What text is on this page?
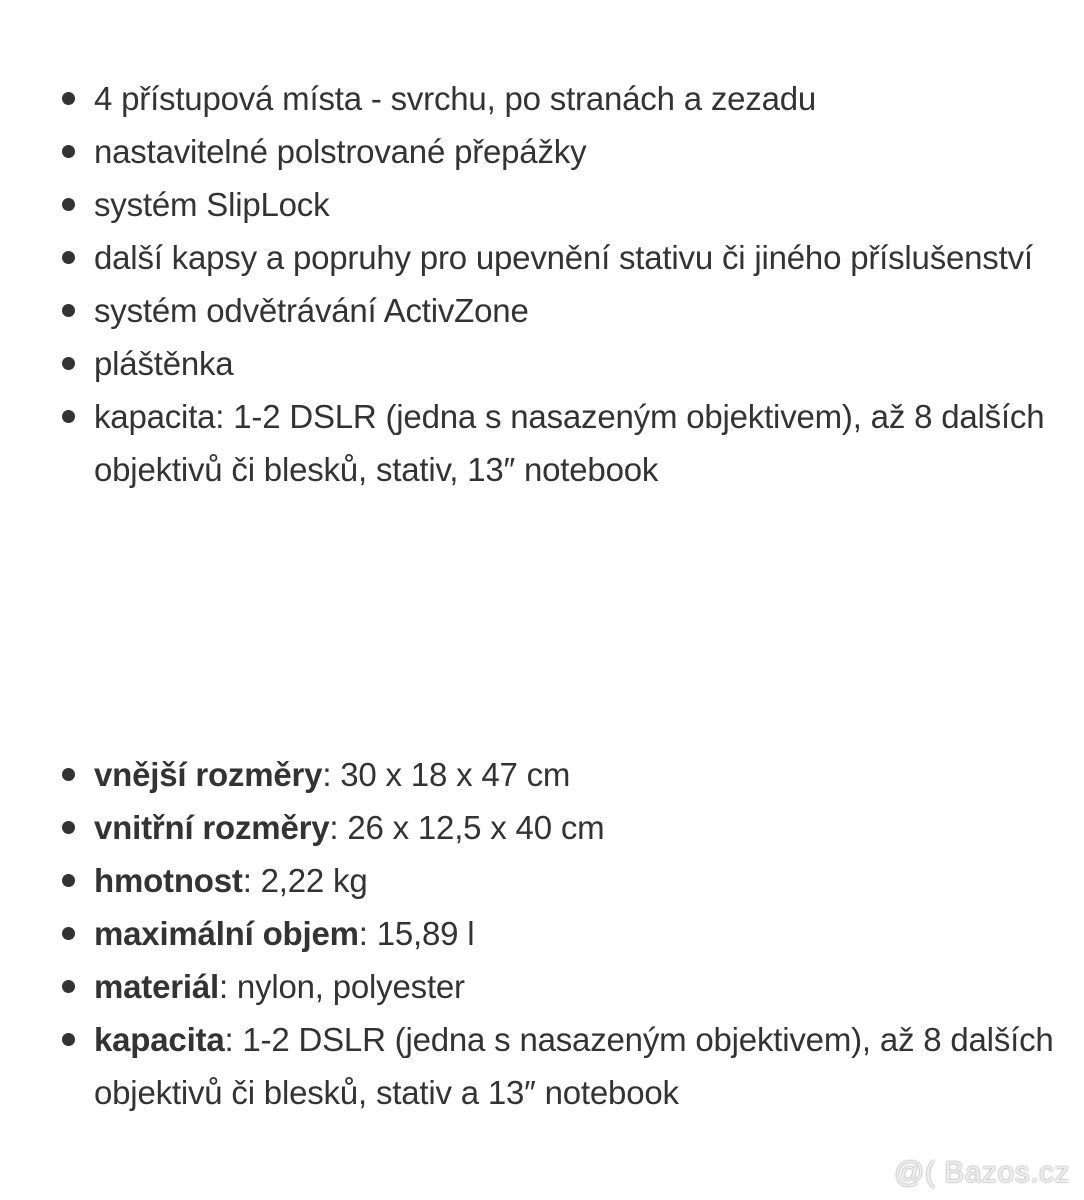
4 přístupová místa - svrchu, po stranách a zezadu
nastavitelné polstrované přepážky
systém SlipLock
další kapsy a popruhy pro upevnění stativu či jiného příslušenství
systém odvětrávání ActivZone
pláštěnka
kapacita: 1-2 DSLR (jedna s nasazeným objektivem), až 8 dalších objektivů či blesků, stativ, 13″ notebook
vnější rozměry: 30 x 18 x 47 cm
vnitřní rozměry: 26 x 12,5 x 40 cm
hmotnost: 2,22 kg
maximální objem: 15,89 l
materiál: nylon, polyester
kapacita: 1-2 DSLR (jedna s nasazeným objektivem), až 8 dalších objektivů či blesků, stativ a 13″ notebook
@( Bazos.cz
